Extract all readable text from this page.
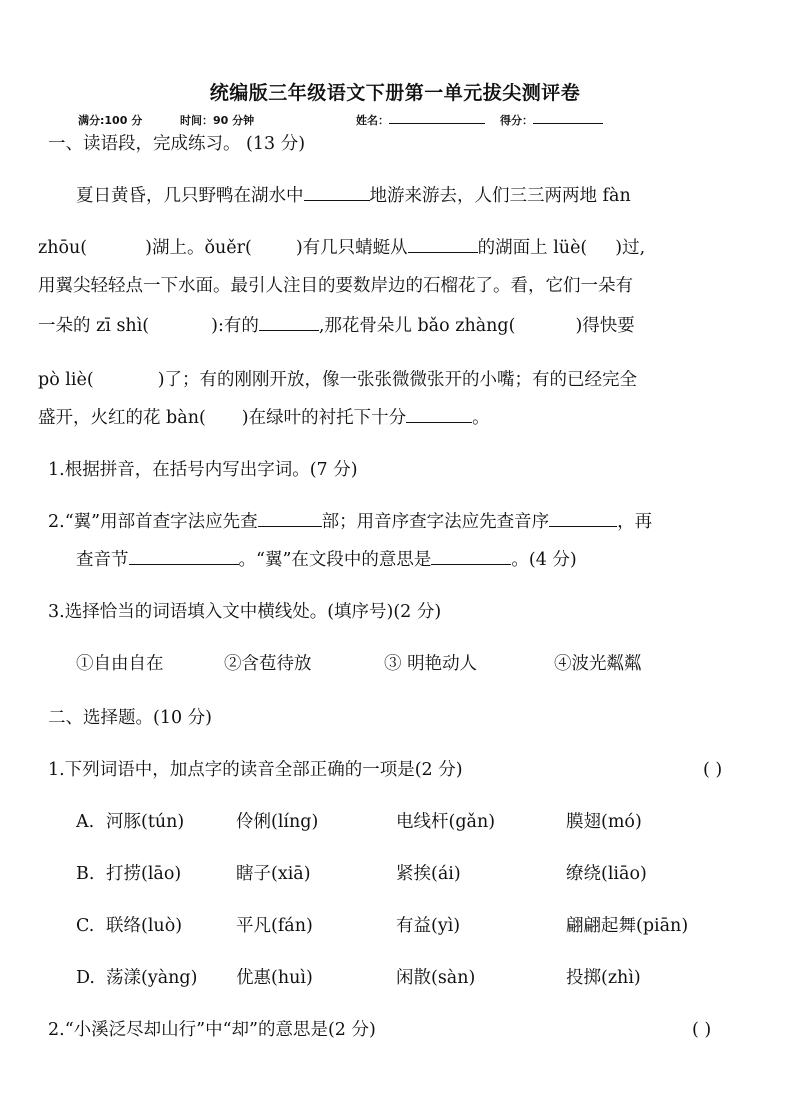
统编版三年级语文下册第一单元拔尖测评卷
满分:100 分	时间：90 分钟	姓名：	得分：
一、读语段，完成练习。 (13 分)
夏日黄昏，几只野鸭在湖水中	地游来游去，人们三三两两地 fàn
zhōu(	)湖上。ǒuěr(	)有几只蜻蜓从	的湖面上 lüè( )过,
用翼尖轻轻点一下水面。最引人注目的要数岸边的石榴花了。看，它们一朵有
一朵的 zī shì(	):有的	,那花骨朵儿 bǎo zhàng(	)得快要
pò liè(	)了；有的刚刚开放，像一张张微微张开的小嘴；有的已经完全
盛开，火红的花 bàn( )在绿叶的衬托下十分	。
1.根据拼音，在括号内写出字词。(7 分)
2.“翼”用部首查字法应先查	部；用音序查字法应先查音序	，再
查音节	。“翼”在文段中的意思是	。(4 分)
3.选择恰当的词语填入文中横线处。(填序号)(2 分)
①自由自在	②含苞待放	③ 明艳动人	④波光粼粼
二、选择题。(10 分)
1.下列词语中，加点字的读音全部正确的一项是(2 分)	( )
A. 河豚(tún)	伶俐(líng)	电线杆(gǎn)	膜翅(mó)
B. 打捞(lāo)	瞎子(xiā)	紧挨(ái)	缭绕(liāo)
C. 联络(luò)	平凡(fán)	有益(yì)	翩翩起舞(piān)
D. 荡漾(yàng) 优惠(huì)	闲散(sàn)	投掷(zhì)
2.“小溪泛尽却山行”中“却”的意思是(2 分)	( )
